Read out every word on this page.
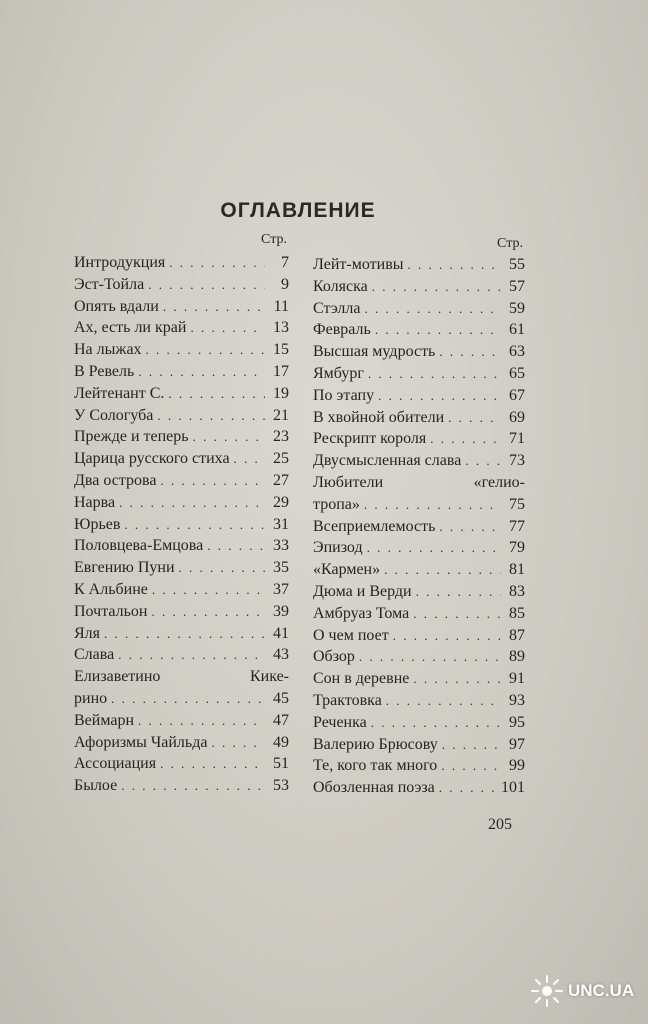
ОГЛАВЛЕНИЕ
Стр.
Интродукция . . .	7
Эст-Тойла . . .	9
Опять вдали . . .	11
Ах, есть ли край . . .	13
На лыжах . . .	15
В Ревель . . .	17
Лейтенант С. . . .	19
У Сологуба . . .	21
Прежде и теперь . . .	23
Царица русского стиха . . .	25
Два острова . . .	27
Нарва . . .	29
Юрьев . . .	31
Половцева-Емцова . . .	33
Евгению Пуни . . .	35
К Альбине . . .	37
Почтальон . . .	39
Яля . . .	41
Слава . . .	43
Елизаветино Кике-
рино . . .	45
Веймарн . . .	47
Афоризмы Чайльда . . .	49
Ассоциация . . .	51
Былое . . .	53
Стр.
Лейт-мотивы . . .	55
Коляска . . .	57
Стэлла . . .	59
Февраль . . .	61
Высшая мудрость . . .	63
Ямбург . . .	65
По этапу . . .	67
В хвойной обители . . .	69
Рескрипт короля . . .	71
Двусмысленная слава . . .	73
Любители «гелио-
тропа» . . .	75
Всеприемлемость . . .	77
Эпизод . . .	79
«Кармен» . . .	81
Дюма и Верди . . .	83
Амбруаз Тома . . .	85
О чем поет . . .	87
Обзор . . .	89
Сон в деревне . . .	91
Трактовка . . .	93
Реченка . . .	95
Валерию Брюсову . . .	97
Те, кого так много . . .	99
Обозленная поэза . . .	101
205
UNC.UA
